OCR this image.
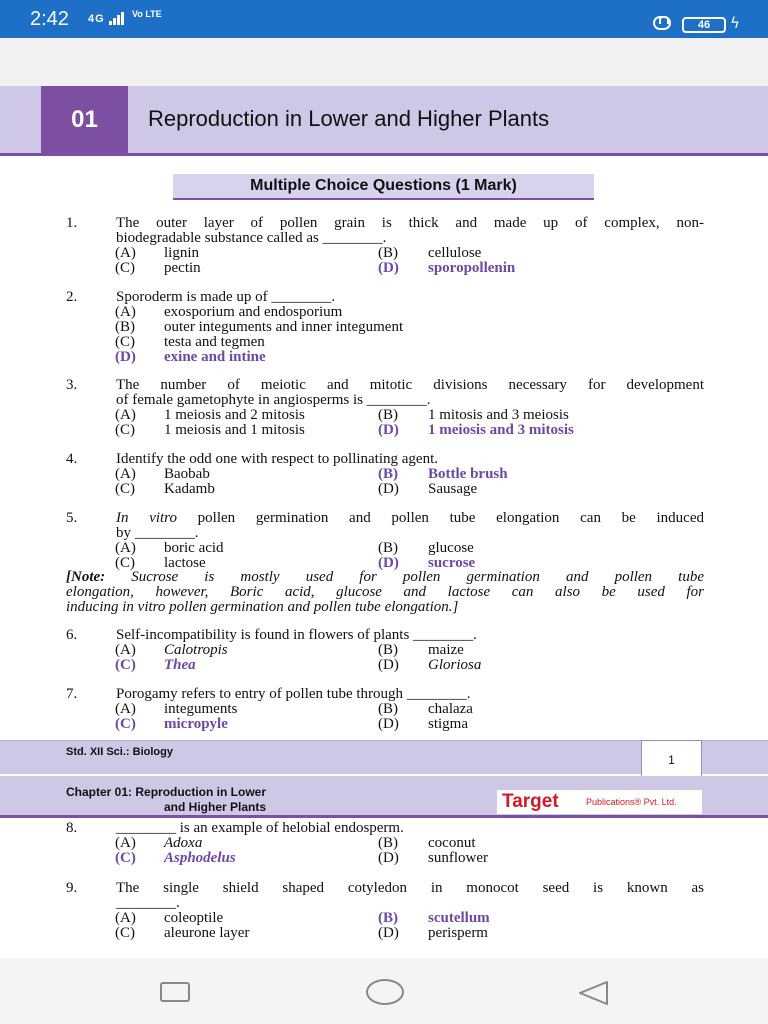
2:42 4G	Vo LTE
46	ϟ
01	Reproduction in Lower and Higher Plants
Multiple Choice Questions (1 Mark)
1.	The outer layer of pollen grain is thick and made up of complex, non-
biodegradable substance called as ________.
(A) lignin	(B) cellulose
(C) pectin	(D) sporopollenin
2.	Sporoderm is made up of ________.
(A) exosporium and endosporium
(B) outer integuments and inner integument
(C) testa and tegmen
(D) exine and intine
3.	The number of meiotic and mitotic divisions necessary for development
of female gametophyte in angiosperms is ________.
(A) 1 meiosis and 2 mitosis	(B) 1 mitosis and 3 meiosis
(C) 1 meiosis and 1 mitosis	(D) 1 meiosis and 3 mitosis
4.	Identify the odd one with respect to pollinating agent.
(A) Baobab	(B) Bottle brush
(C) Kadamb	(D) Sausage
5.	In vitro pollen germination and pollen tube elongation can be induced
by ________.
(A) boric acid	(B) glucose
(C) lactose	(D) sucrose
[Note: Sucrose is mostly used for pollen germination and pollen tube
elongation, however, Boric acid, glucose and lactose can also be used for
inducing in vitro pollen germination and pollen tube elongation.]
6.	Self-incompatibility is found in flowers of plants ________.
(A) Calotropis	(B) maize
(C) Thea	(D) Gloriosa
7.	Porogamy refers to entry of pollen tube through ________.
(A) integuments	(B) chalaza
(C) micropyle	(D) stigma
Std. XII Sci.: Biology
1
Chapter 01: Reproduction in Lower
and Higher Plants	Target	Publications® Pvt. Ltd.
8.	________ is an example of helobial endosperm.
(A) Adoxa	(B) coconut
(C) Asphodelus	(D) sunflower
9.	The single shield shaped cotyledon in monocot seed is known as
________.
(A) coleoptile	(B) scutellum
(C) aleurone layer	(D) perisperm
